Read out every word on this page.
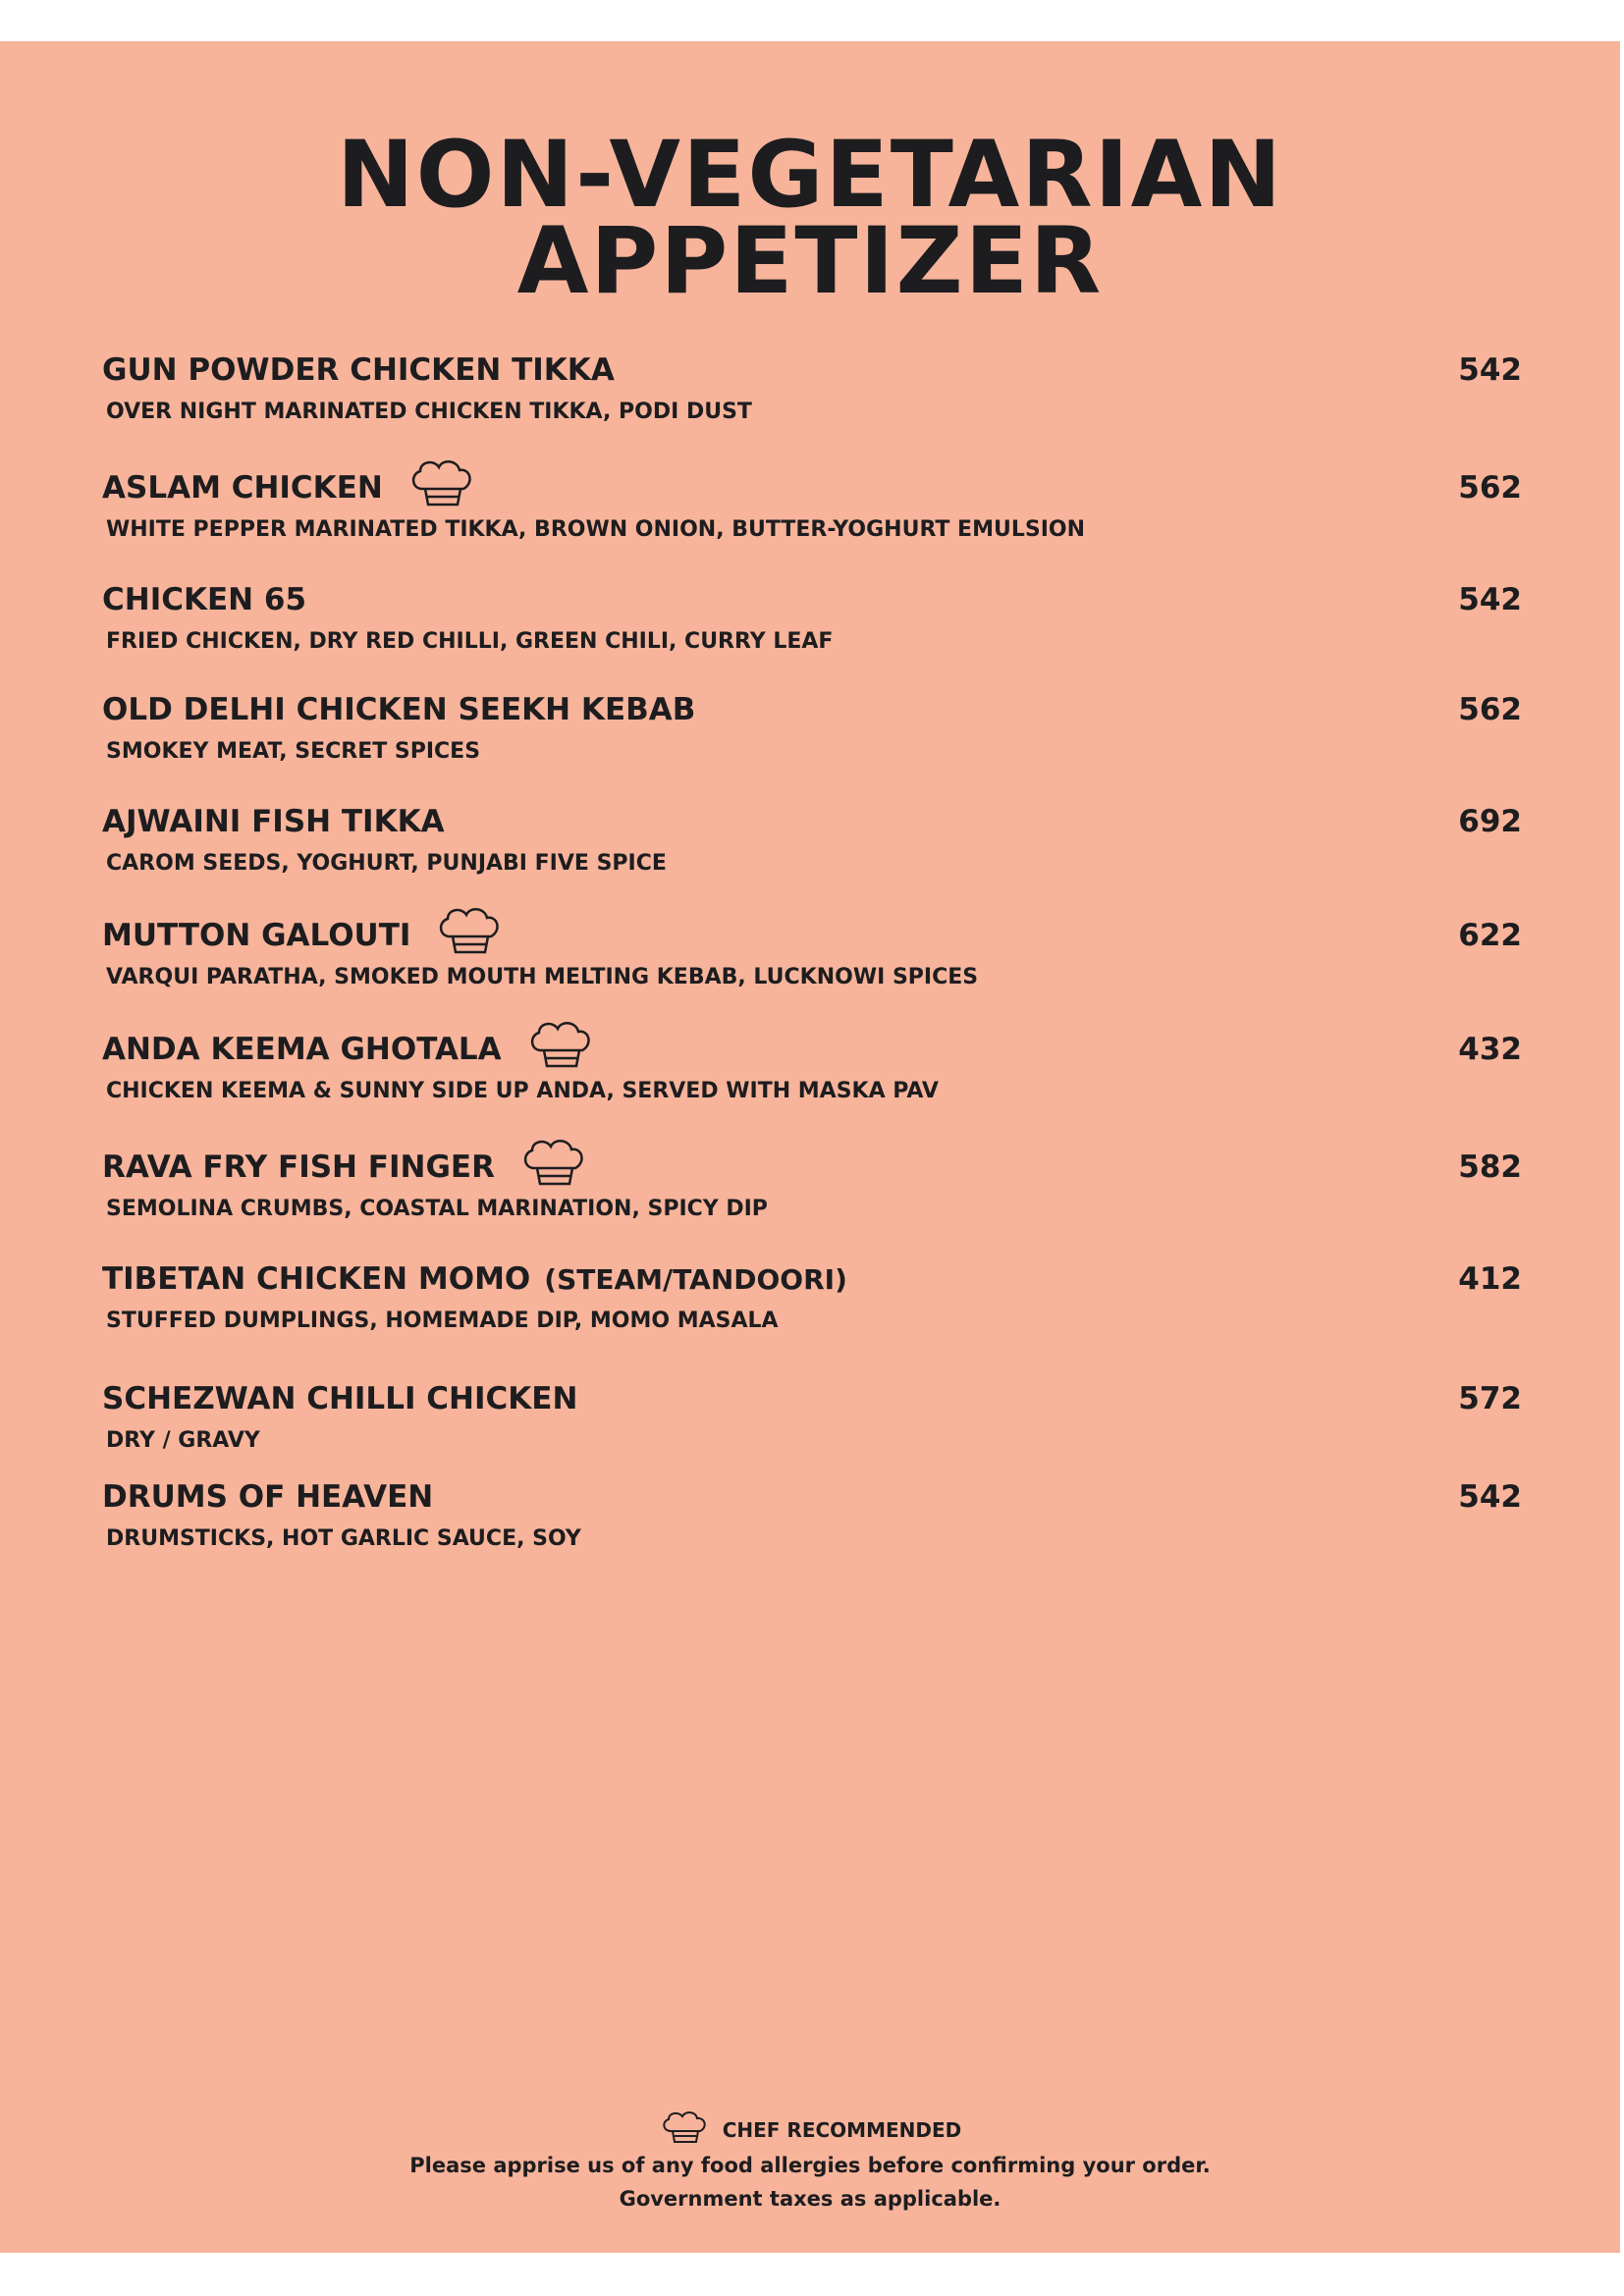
NON-VEGETARIAN
APPETIZER
GUN POWDER CHICKEN TIKKA
OVER NIGHT MARINATED CHICKEN TIKKA, PODI DUST
542
ASLAM CHICKEN
WHITE PEPPER MARINATED TIKKA, BROWN ONION, BUTTER-YOGHURT EMULSION
562
CHICKEN 65
FRIED CHICKEN, DRY RED CHILLI, GREEN CHILI, CURRY LEAF
542
OLD DELHI CHICKEN SEEKH KEBAB
SMOKEY MEAT, SECRET SPICES
562
AJWAINI FISH TIKKA
CAROM SEEDS, YOGHURT, PUNJABI FIVE SPICE
692
MUTTON GALOUTI
VARQUI PARATHA, SMOKED MOUTH MELTING KEBAB, LUCKNOWI SPICES
622
ANDA KEEMA GHOTALA
CHICKEN KEEMA & SUNNY SIDE UP ANDA, SERVED WITH MASKA PAV
432
RAVA FRY FISH FINGER
SEMOLINA CRUMBS, COASTAL MARINATION, SPICY DIP
582
TIBETAN CHICKEN MOMO (STEAM/TANDOORI)
STUFFED DUMPLINGS, HOMEMADE DIP, MOMO MASALA
412
SCHEZWAN CHILLI CHICKEN
DRY / GRAVY
572
DRUMS OF HEAVEN
DRUMSTICKS, HOT GARLIC SAUCE, SOY
542
CHEF RECOMMENDED
Please apprise us of any food allergies before confirming your order.
Government taxes as applicable.
